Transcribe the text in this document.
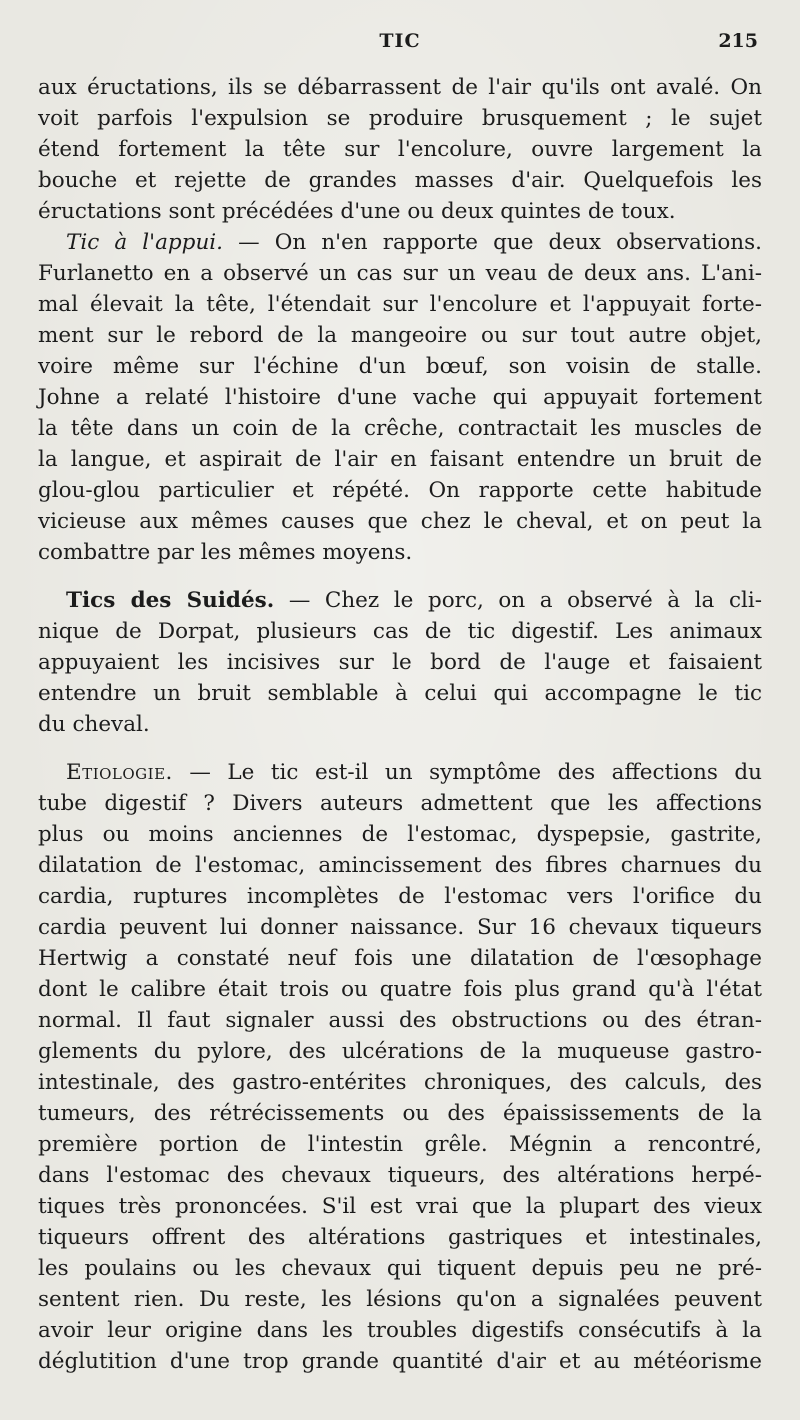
TIC	215
aux éructations, ils se débarrassent de l'air qu'ils ont avalé. On
voit parfois l'expulsion se produire brusquement ; le sujet
étend fortement la tête sur l'encolure, ouvre largement la
bouche et rejette de grandes masses d'air. Quelquefois les
éructations sont précédées d'une ou deux quintes de toux.
Tic à l'appui. — On n'en rapporte que deux observations.
Furlanetto en a observé un cas sur un veau de deux ans. L'ani-
mal élevait la tête, l'étendait sur l'encolure et l'appuyait forte-
ment sur le rebord de la mangeoire ou sur tout autre objet,
voire même sur l'échine d'un bœuf, son voisin de stalle.
Johne a relaté l'histoire d'une vache qui appuyait fortement
la tête dans un coin de la crêche, contractait les muscles de
la langue, et aspirait de l'air en faisant entendre un bruit de
glou-glou particulier et répété. On rapporte cette habitude
vicieuse aux mêmes causes que chez le cheval, et on peut la
combattre par les mêmes moyens.
Tics des Suidés. — Chez le porc, on a observé à la cli-
nique de Dorpat, plusieurs cas de tic digestif. Les animaux
appuyaient les incisives sur le bord de l'auge et faisaient
entendre un bruit semblable à celui qui accompagne le tic
du cheval.
Etiologie. — Le tic est-il un symptôme des affections du
tube digestif ? Divers auteurs admettent que les affections
plus ou moins anciennes de l'estomac, dyspepsie, gastrite,
dilatation de l'estomac, amincissement des fibres charnues du
cardia, ruptures incomplètes de l'estomac vers l'orifice du
cardia peuvent lui donner naissance. Sur 16 chevaux tiqueurs
Hertwig a constaté neuf fois une dilatation de l'œsophage
dont le calibre était trois ou quatre fois plus grand qu'à l'état
normal. Il faut signaler aussi des obstructions ou des étran-
glements du pylore, des ulcérations de la muqueuse gastro-
intestinale, des gastro-entérites chroniques, des calculs, des
tumeurs, des rétrécissements ou des épaississements de la
première portion de l'intestin grêle. Mégnin a rencontré,
dans l'estomac des chevaux tiqueurs, des altérations herpé-
tiques très prononcées. S'il est vrai que la plupart des vieux
tiqueurs offrent des altérations gastriques et intestinales,
les poulains ou les chevaux qui tiquent depuis peu ne pré-
sentent rien. Du reste, les lésions qu'on a signalées peuvent
avoir leur origine dans les troubles digestifs consécutifs à la
déglutition d'une trop grande quantité d'air et au météorisme
